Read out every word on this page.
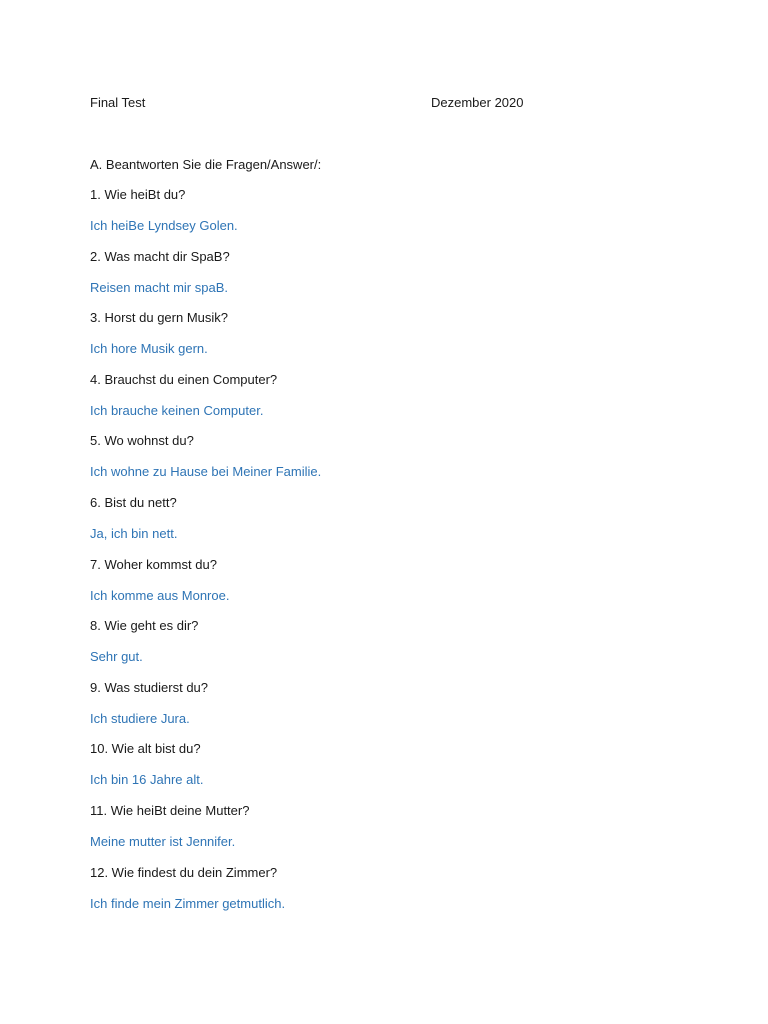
Final Test	Dezember 2020
A. Beantworten Sie die Fragen/Answer/:
1. Wie heiBt du?
Ich heiBe Lyndsey Golen.
2. Was macht dir SpaB?
Reisen macht mir spaB.
3. Horst du gern Musik?
Ich hore Musik gern.
4. Brauchst du einen Computer?
Ich brauche keinen Computer.
5. Wo wohnst du?
Ich wohne zu Hause bei Meiner Familie.
6. Bist du nett?
Ja, ich bin nett.
7. Woher kommst du?
Ich komme aus Monroe.
8. Wie geht es dir?
Sehr gut.
9. Was studierst du?
Ich studiere Jura.
10. Wie alt bist du?
Ich bin 16 Jahre alt.
11. Wie heiBt deine Mutter?
Meine mutter ist Jennifer.
12. Wie findest du dein Zimmer?
Ich finde mein Zimmer getmutlich.
